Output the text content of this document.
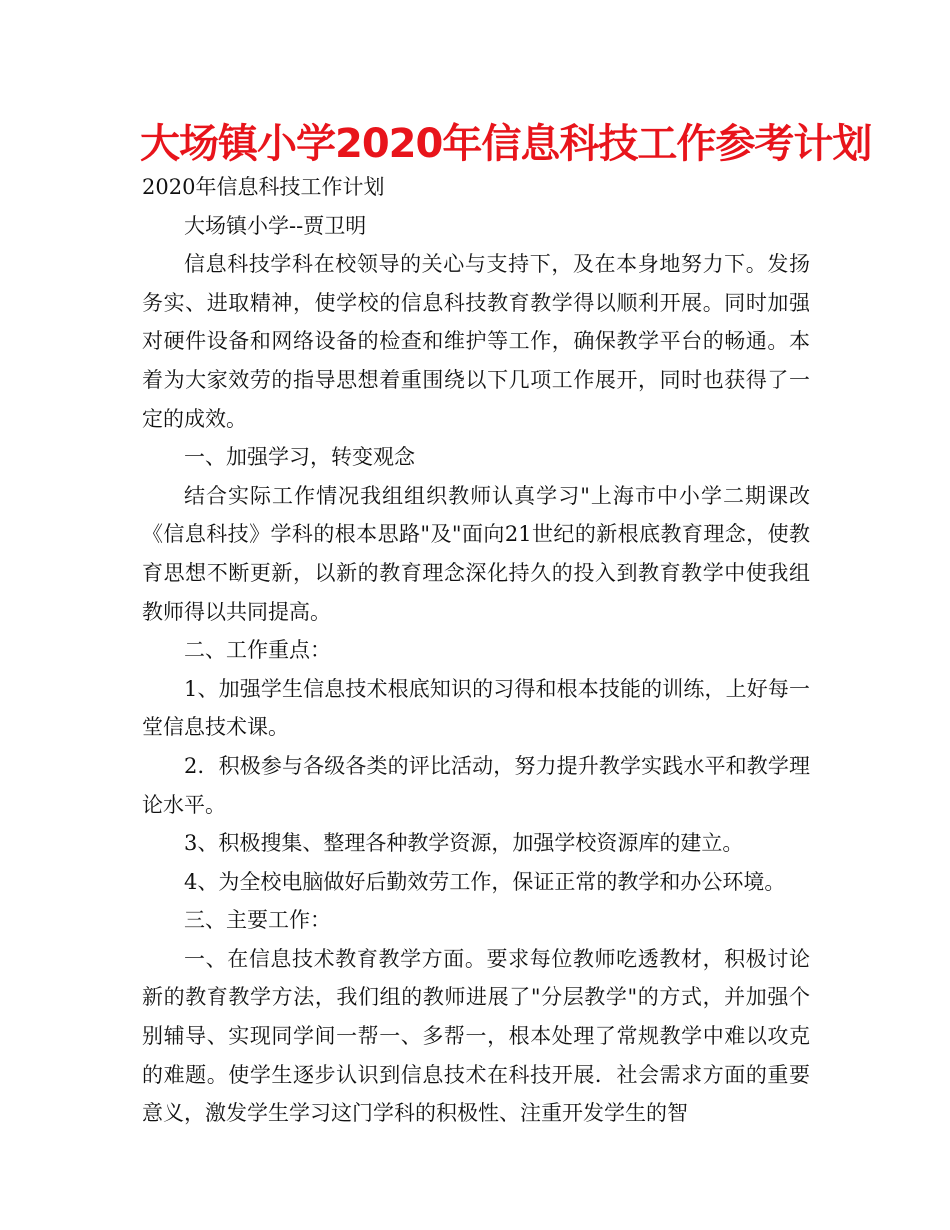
大场镇小学2020年信息科技工作参考计划

2020年信息科技工作计划

大场镇小学--贾卫明

信息科技学科在校领导的关心与支持下，及在本身地努力下。发扬务实、进取精神，使学校的信息科技教育教学得以顺利开展。同时加强对硬件设备和网络设备的检查和维护等工作，确保教学平台的畅通。本着为大家效劳的指导思想着重围绕以下几项工作展开，同时也获得了一定的成效。

一、加强学习，转变观念

结合实际工作情况我组组织教师认真学习"上海市中小学二期课改《信息科技》学科的根本思路"及"面向21世纪的新根底教育理念，使教育思想不断更新，以新的教育理念深化持久的投入到教育教学中使我组教师得以共同提高。

二、工作重点：

1、加强学生信息技术根底知识的习得和根本技能的训练，上好每一堂信息技术课。

2．积极参与各级各类的评比活动，努力提升教学实践水平和教学理论水平。

3、积极搜集、整理各种教学资源，加强学校资源库的建立。

4、为全校电脑做好后勤效劳工作，保证正常的教学和办公环境。

三、主要工作：

一、在信息技术教育教学方面。要求每位教师吃透教材，积极讨论新的教育教学方法，我们组的教师进展了"分层教学"的方式，并加强个别辅导、实现同学间一帮一、多帮一，根本处理了常规教学中难以攻克的难题。使学生逐步认识到信息技术在科技开展．社会需求方面的重要意义，激发学生学习这门学科的积极性、注重开发学生的智
